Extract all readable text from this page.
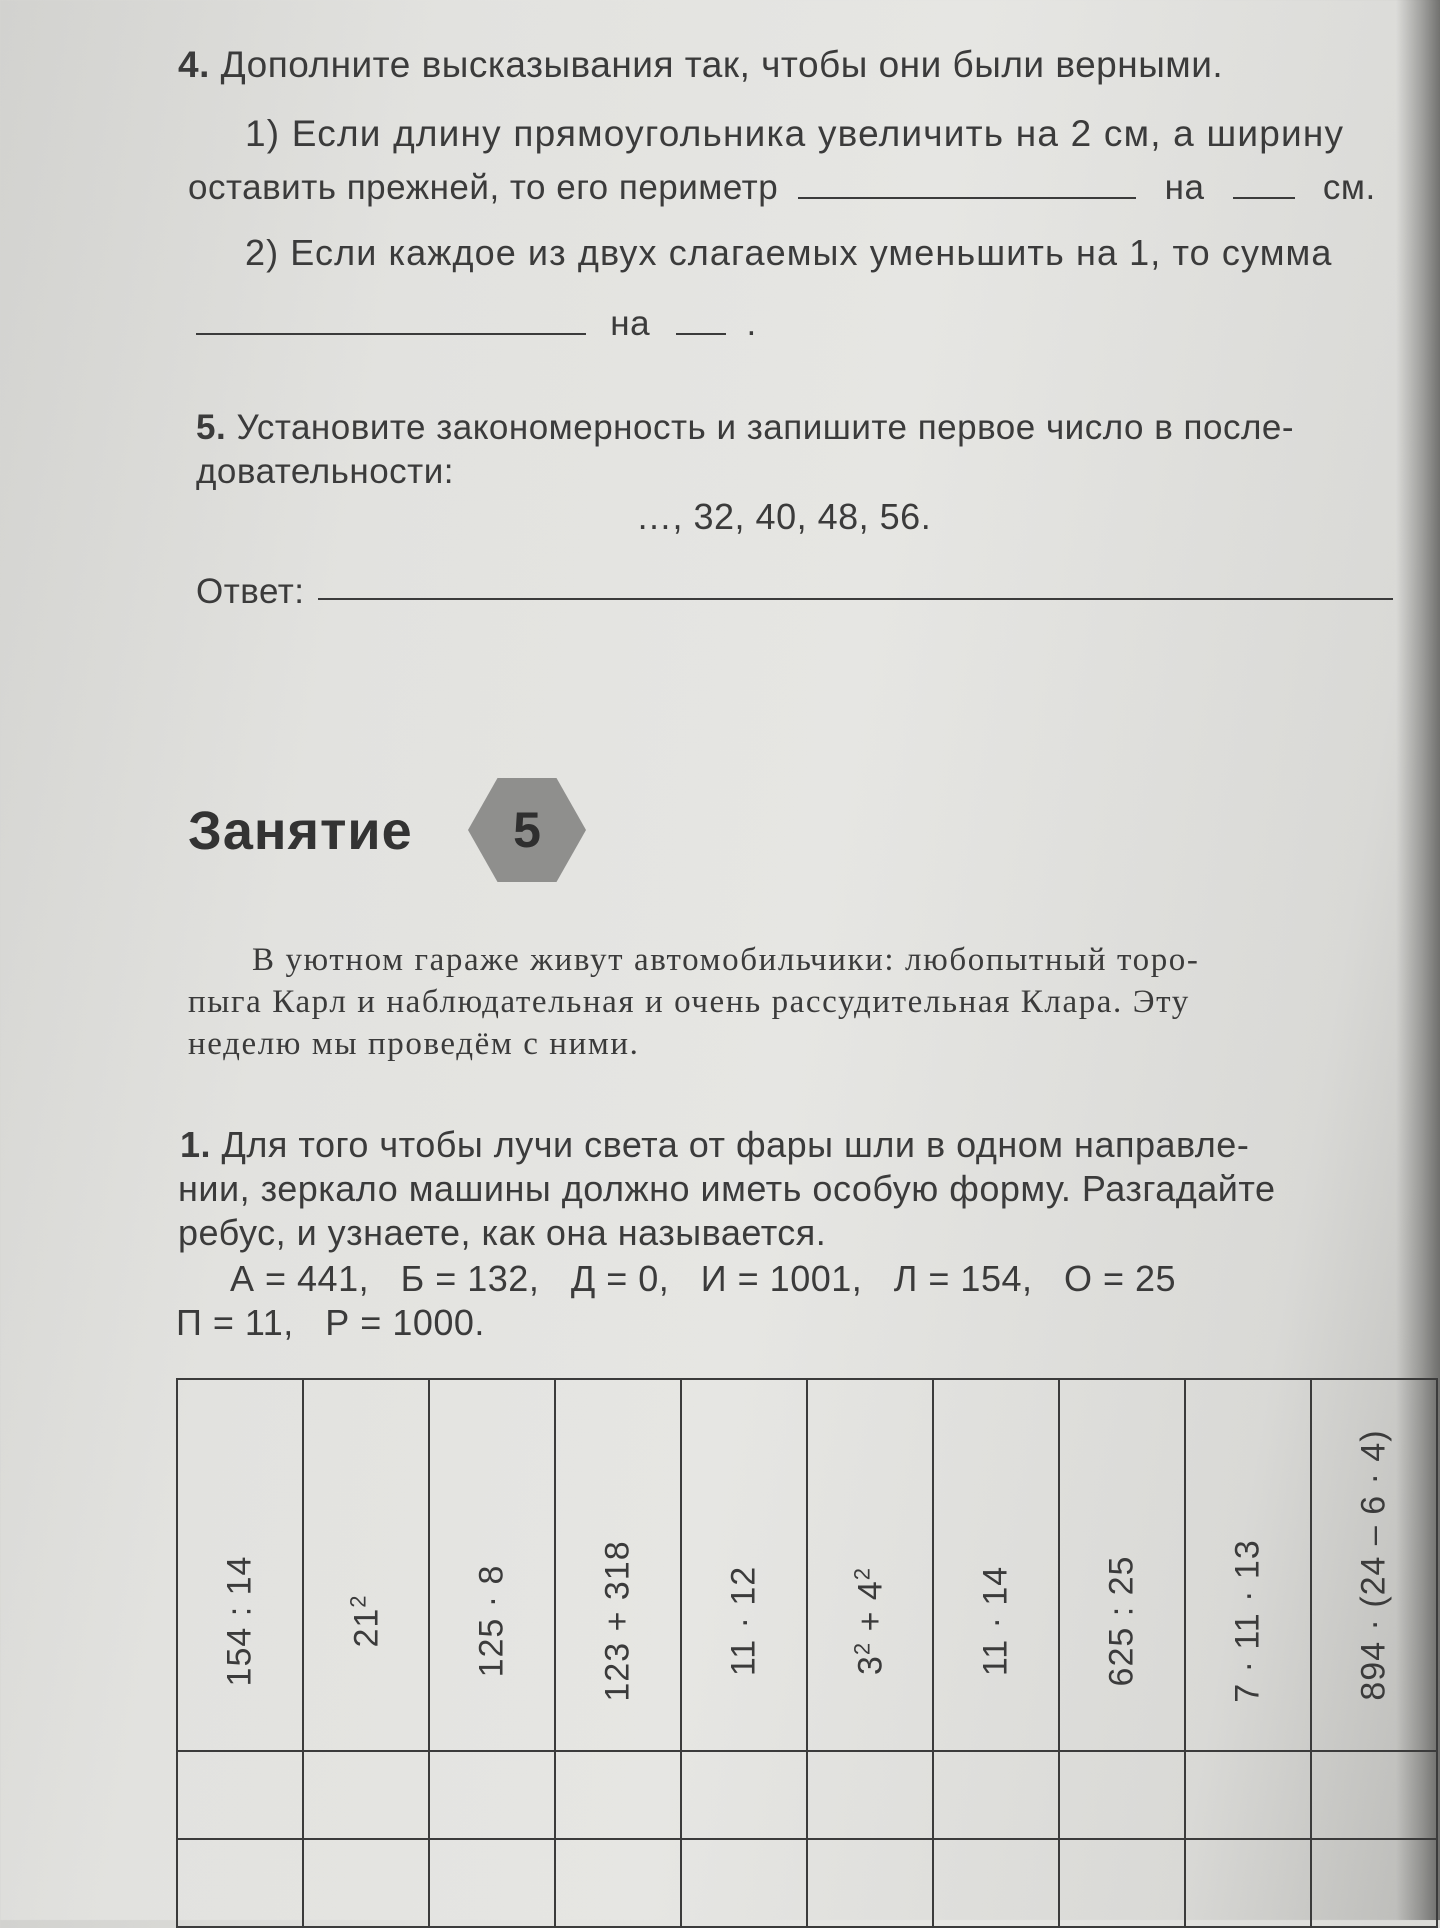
4. Дополните высказывания так, чтобы они были верными.
1) Если длину прямоугольника увеличить на 2 см, а ширину
оставить прежней, то его периметр	на	см.
2) Если каждое из двух слагаемых уменьшить на 1, то сумма
на	.
5. Установите закономерность и запишите первое число в после-
довательности:
…, 32, 40, 48, 56.
Ответ:
Занятие	5
В уютном гараже живут автомобильчики: любопытный торо-
пыга Карл и наблюдательная и очень рассудительная Клара. Эту
неделю мы проведём с ними.
1. Для того чтобы лучи света от фары шли в одном направле-
нии, зеркало машины должно иметь особую форму. Разгадайте
ребус, и узнаете, как она называется.
А = 441,   Б = 132,   Д = 0,   И = 1001,   Л = 154,   О = 25
П = 11,   Р = 1000.
154 : 14	$21^2$	125 · 8	123 + 318	11 · 12	$3^2 + 4^2$	11 · 14	625 : 25	7 · 11 · 13	894 · (24 – 6 · 4)
